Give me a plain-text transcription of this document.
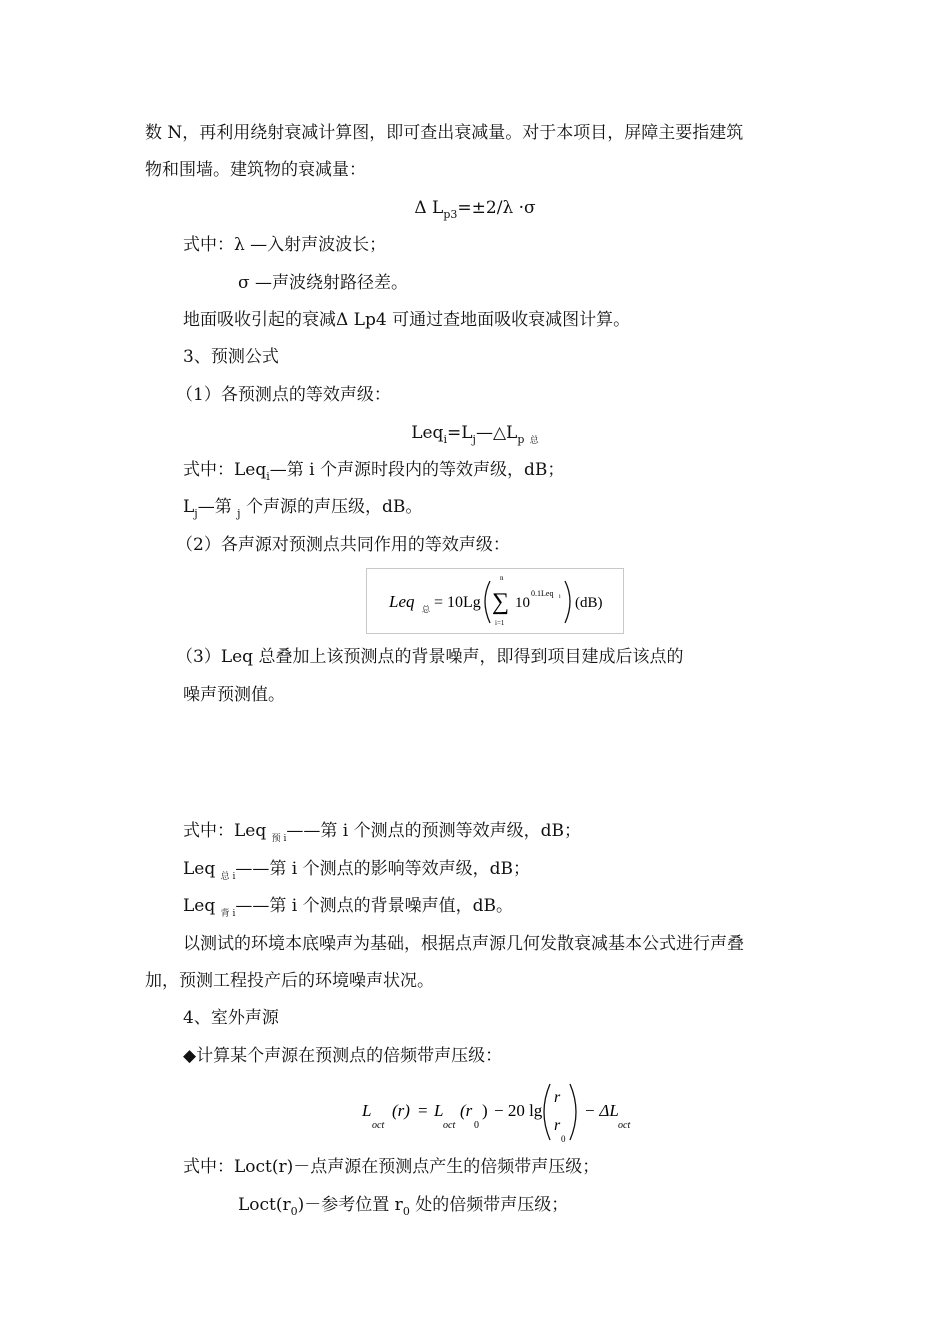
数 N，再利用绕射衰减计算图，即可查出衰减量。对于本项目，屏障主要指建筑
物和围墙。建筑物的衰减量：
Δ $L_{p3}=\pm 2/\lambda \cdot\sigma$
式中：λ —入射声波波长；
σ —声波绕射路径差。
地面吸收引起的衰减Δ Lp4 可通过查地面吸收衰减图计算。
3、预测公式
（1）各预测点的等效声级：
$Leq_i=L_j—\triangle L_p$ $_总$
式中：Leq$_i$—第 i 个声源时段内的等效声级，dB；
$L_j—$第 $_j$ 个声源的声压级，dB。
（2）各声源对预测点共同作用的等效声级：
Leq 总 = 10Lg
n
∑
i=1
10
0.1Leq i (dB)
（3）Leq 总叠加上该预测点的背景噪声，即得到项目建成后该点的
噪声预测值。
式中：Leq $_{预 i}$——第 i 个测点的预测等效声级，dB；
Leq $_{总 i}$——第 i 个测点的影响等效声级，dB；
Leq $_{背 i}$——第 i 个测点的背景噪声值，dB。
以测试的环境本底噪声为基础，根据点声源几何发散衰减基本公式进行声叠
加，预测工程投产后的环境噪声状况。
4、室外声源
◆计算某个声源在预测点的倍频带声压级：
L
oct
(r) = L
oct
(r
0
) − 20 lg
r
r
0
− ΔL
oct
式中：Loct(r)－点声源在预测点产生的倍频带声压级；
$Loct(r_0)-$参考位置 $r_0$ 处的倍频带声压级；
